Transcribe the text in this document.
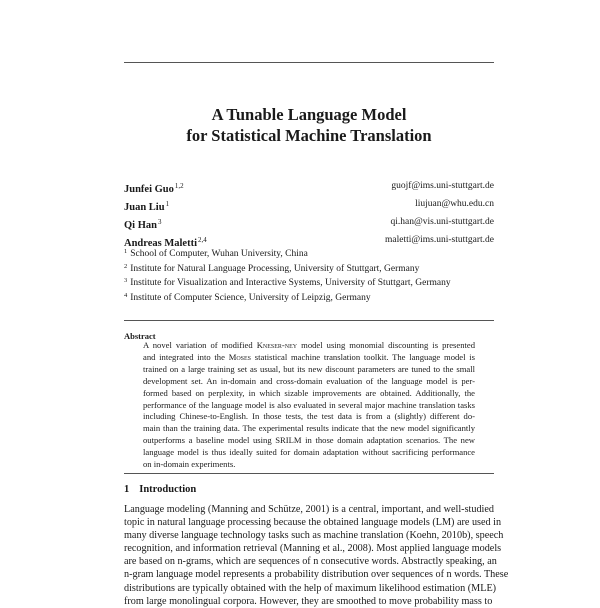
A Tunable Language Model
for Statistical Machine Translation
Junfei Guo$^{1,2}$	guojf@ims.uni-stuttgart.de
Juan Liu$^1$	liujuan@whu.edu.cn
Qi Han$^3$	qi.han@vis.uni-stuttgart.de
Andreas Maletti$^{2,4}$	maletti@ims.uni-stuttgart.de
$^1$ School of Computer, Wuhan University, China
$^2$ Institute for Natural Language Processing, University of Stuttgart, Germany
$^3$ Institute for Visualization and Interactive Systems, University of Stuttgart, Germany
$^4$ Institute of Computer Science, University of Leipzig, Germany
Abstract
A novel variation of modified Kneser-ney model using monomial discounting is presented
and integrated into the Moses statistical machine translation toolkit. The language model is
trained on a large training set as usual, but its new discount parameters are tuned to the small
development set. An in-domain and cross-domain evaluation of the language model is per-
formed based on perplexity, in which sizable improvements are obtained. Additionally, the
performance of the language model is also evaluated in several major machine translation tasks
including Chinese-to-English. In those tests, the test data is from a (slightly) different do-
main than the training data. The experimental results indicate that the new model significantly
outperforms a baseline model using SRILM in those domain adaptation scenarios. The new
language model is thus ideally suited for domain adaptation without sacrificing performance
on in-domain experiments.
1 Introduction
Language modeling (Manning and Schütze, 2001) is a central, important, and well-studied
topic in natural language processing because the obtained language models (LM) are used in
many diverse language technology tasks such as machine translation (Koehn, 2010b), speech
recognition, and information retrieval (Manning et al., 2008). Most applied language models
are based on n-grams, which are sequences of n consecutive words. Abstractly speaking, an
n-gram language model represents a probability distribution over sequences of n words. These
distributions are typically obtained with the help of maximum likelihood estimation (MLE)
from large monolingual corpora. However, they are smoothed to move probability mass to
